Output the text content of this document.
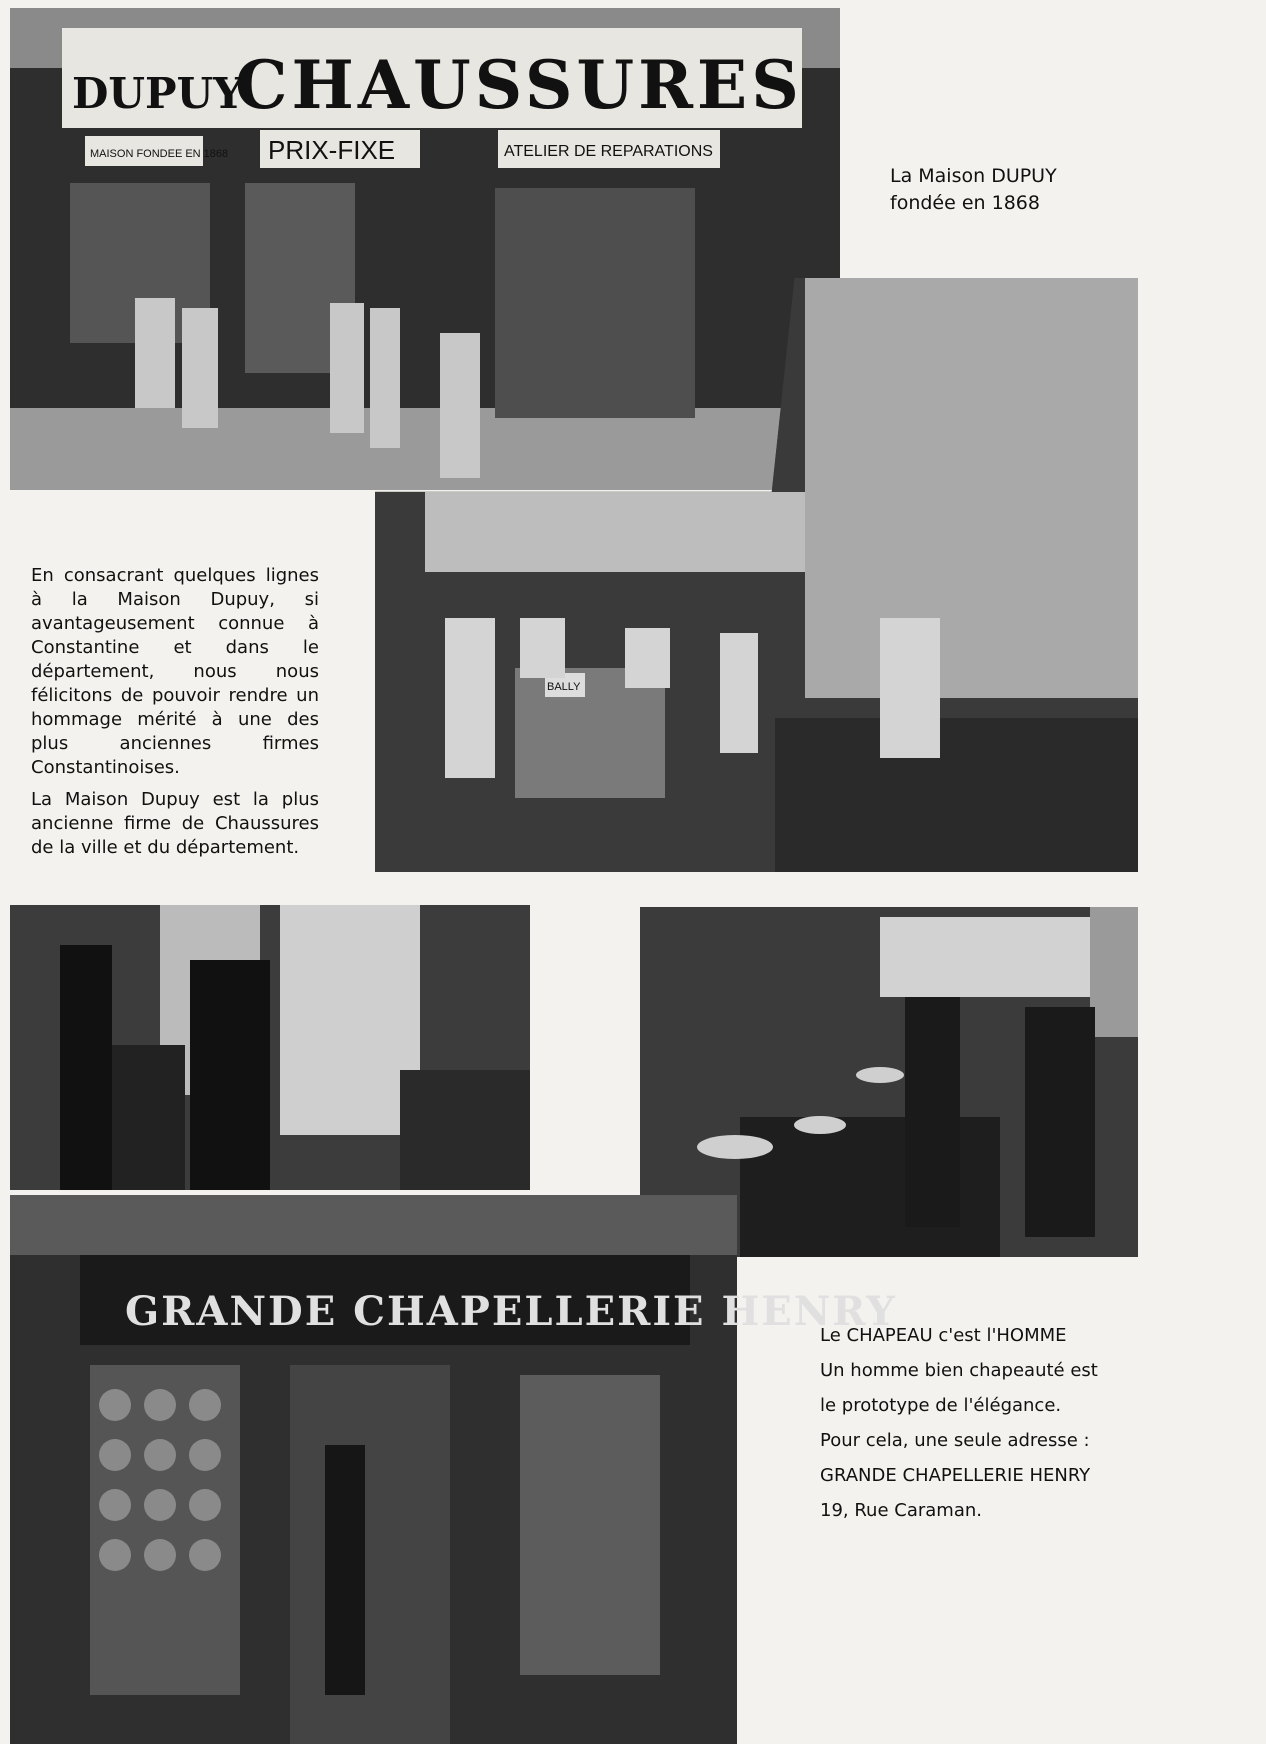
DUPUY
CHAUSSURES
MAISON FONDEE EN 1868 PRIX-FIXE	ATELIER DE REPARATIONS

La Maison DUPUY

fondée en 1868

BALLY

En consacrant quelques lignes à la Maison Dupuy, si avantageusement connue à Constantine et dans le département, nous nous félicitons de pouvoir rendre un hommage mérité à une des plus anciennes firmes Constantinoises.

La Maison Dupuy est la plus ancienne firme de Chaussures de la ville et du département.

GRANDE CHAPELLERIE HENRY

Le CHAPEAU c'est l'HOMME

Un homme bien chapeauté est

le prototype de l'élégance.

Pour cela, une seule adresse :

GRANDE CHAPELLERIE HENRY

19, Rue Caraman.
